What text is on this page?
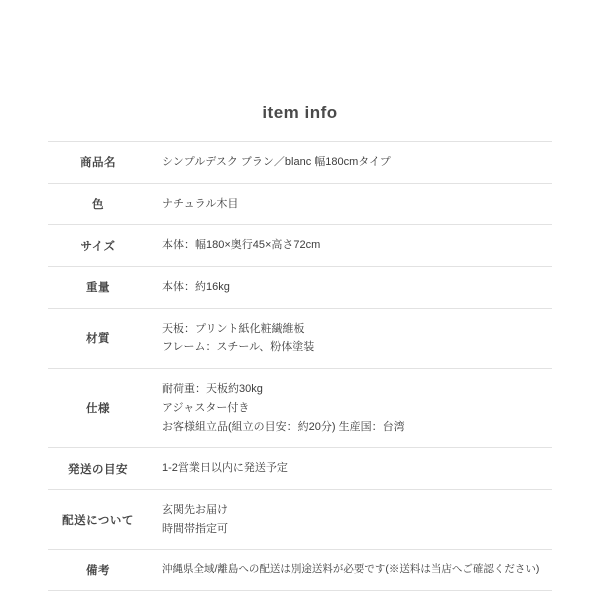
item info
商品名	シンプルデスク ブラン／blanc 幅180cmタイプ

色	ナチュラル木目

サイズ	本体：幅180×奥行45×高さ72cm

重量	本体：約16kg

材質	天板：プリント紙化粧繊維板
フレーム：スチール、粉体塗装

仕様	耐荷重：天板約30kg
アジャスター付き
お客様組立品(組立の目安：約20分) 生産国：台湾

発送の目安	1-2営業日以内に発送予定

配送について	玄関先お届け
時間帯指定可

備考	沖縄県全域/離島への配送は別途送料が必要です(※送料は当店へご確認ください)
